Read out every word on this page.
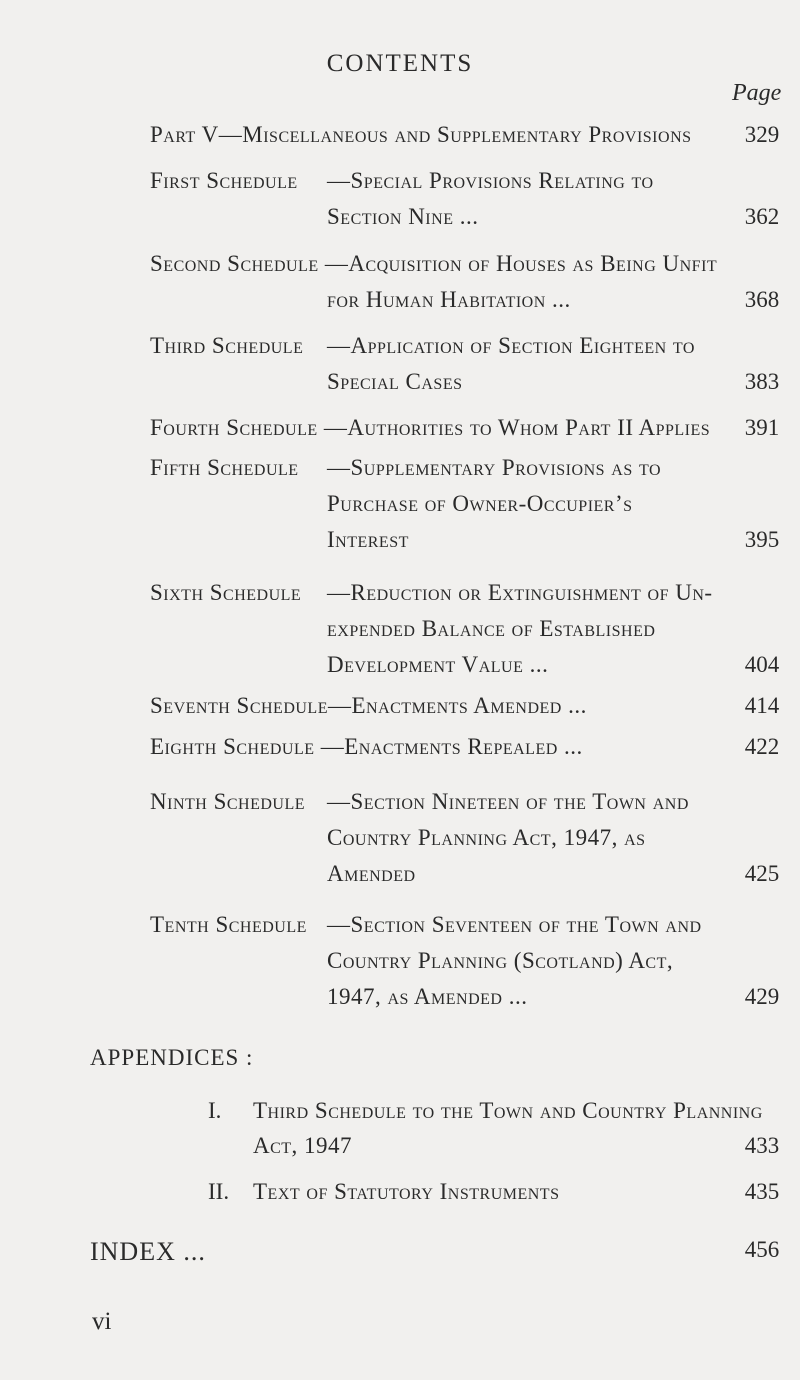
CONTENTS
Page
Part V—Miscellaneous and Supplementary Provisions	329
First Schedule —Special Provisions Relating to
Section Nine ...	362
Second Schedule —Acquisition of Houses as Being Unfit
for Human Habitation ...	368
Third Schedule —Application of Section Eighteen to
Special Cases	383
Fourth Schedule —Authorities to Whom Part II Applies	391
Fifth Schedule —Supplementary Provisions as to
Purchase of Owner-Occupier’s
Interest	395
Sixth Schedule —Reduction or Extinguishment of Un-
expended Balance of Established
Development Value ...	404
Seventh Schedule—Enactments Amended ...	414
Eighth Schedule —Enactments Repealed ...	422
Ninth Schedule —Section Nineteen of the Town and
Country Planning Act, 1947, as
Amended	425
Tenth Schedule —Section Seventeen of the Town and
Country Planning (Scotland) Act,
1947, as Amended ...	429
APPENDICES :
I. Third Schedule to the Town and Country Planning
Act, 1947	433
II. Text of Statutory Instruments	435
INDEX ...	456
vi
